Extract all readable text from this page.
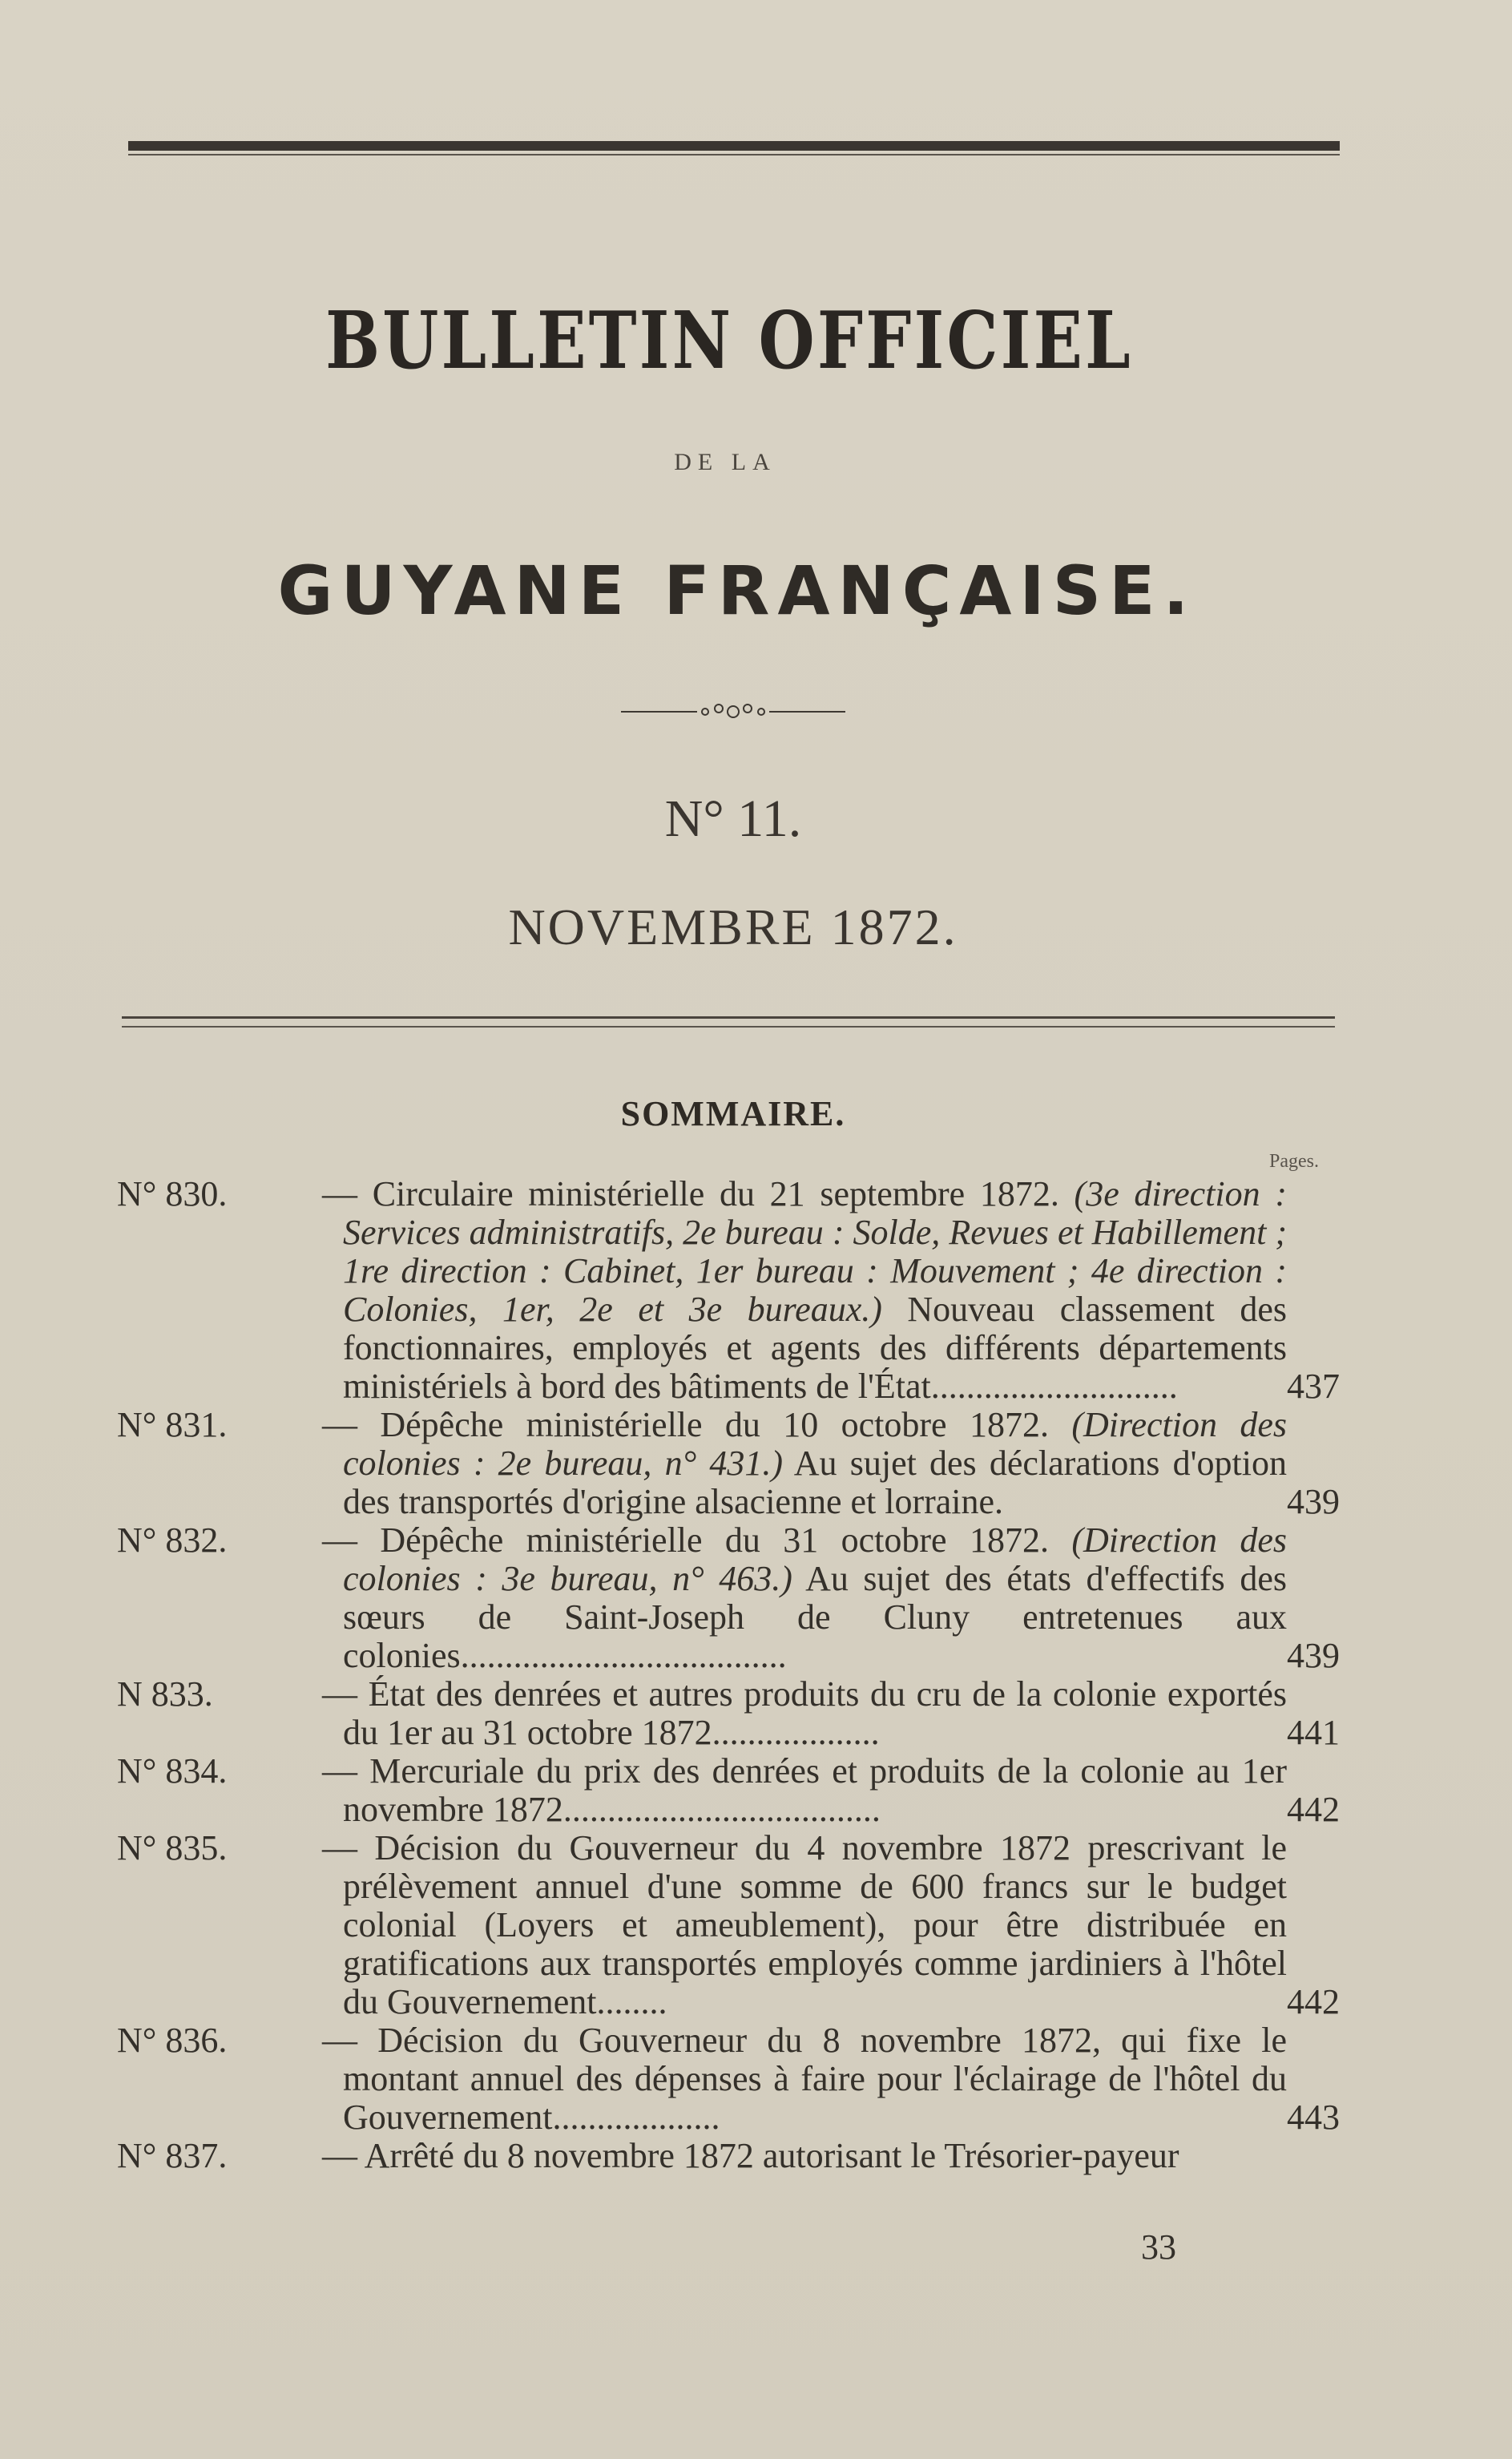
BULLETIN OFFICIEL
DE LA
GUYANE FRANÇAISE.
N° 11.
NOVEMBRE 1872.
SOMMAIRE.
Pages.
N° 830.	— Circulaire ministérielle du 21 septembre 1872. (3e direction : Services administratifs, 2e bureau : Solde, Revues et Habillement ; 1re direction : Cabinet, 1er bureau : Mouvement ; 4e direction : Colonies, 1er, 2e et 3e bureaux.) Nouveau classement des fonctionnaires, employés et agents des différents départements ministériels à bord des bâtiments de l'État............................	437
N° 831.	— Dépêche ministérielle du 10 octobre 1872. (Direction des colonies : 2e bureau, n° 431.) Au sujet des déclarations d'option des transportés d'origine alsacienne et lorraine.	439
N° 832.	— Dépêche ministérielle du 31 octobre 1872. (Direction des colonies : 3e bureau, n° 463.) Au sujet des états d'effectifs des sœurs de Saint-Joseph de Cluny entretenues aux colonies.....................................	439
N 833.	— État des denrées et autres produits du cru de la colonie exportés du 1er au 31 octobre 1872...................	441
N° 834.	— Mercuriale du prix des denrées et produits de la colonie au 1er novembre 1872....................................	442
N° 835.	— Décision du Gouverneur du 4 novembre 1872 prescrivant le prélèvement annuel d'une somme de 600 francs sur le budget colonial (Loyers et ameublement), pour être distribuée en gratifications aux transportés employés comme jardiniers à l'hôtel du Gouvernement........	442
N° 836.	— Décision du Gouverneur du 8 novembre 1872, qui fixe le montant annuel des dépenses à faire pour l'éclairage de l'hôtel du Gouvernement...................	443
N° 837.	— Arrêté du 8 novembre 1872 autorisant le Trésorier-payeur
33
